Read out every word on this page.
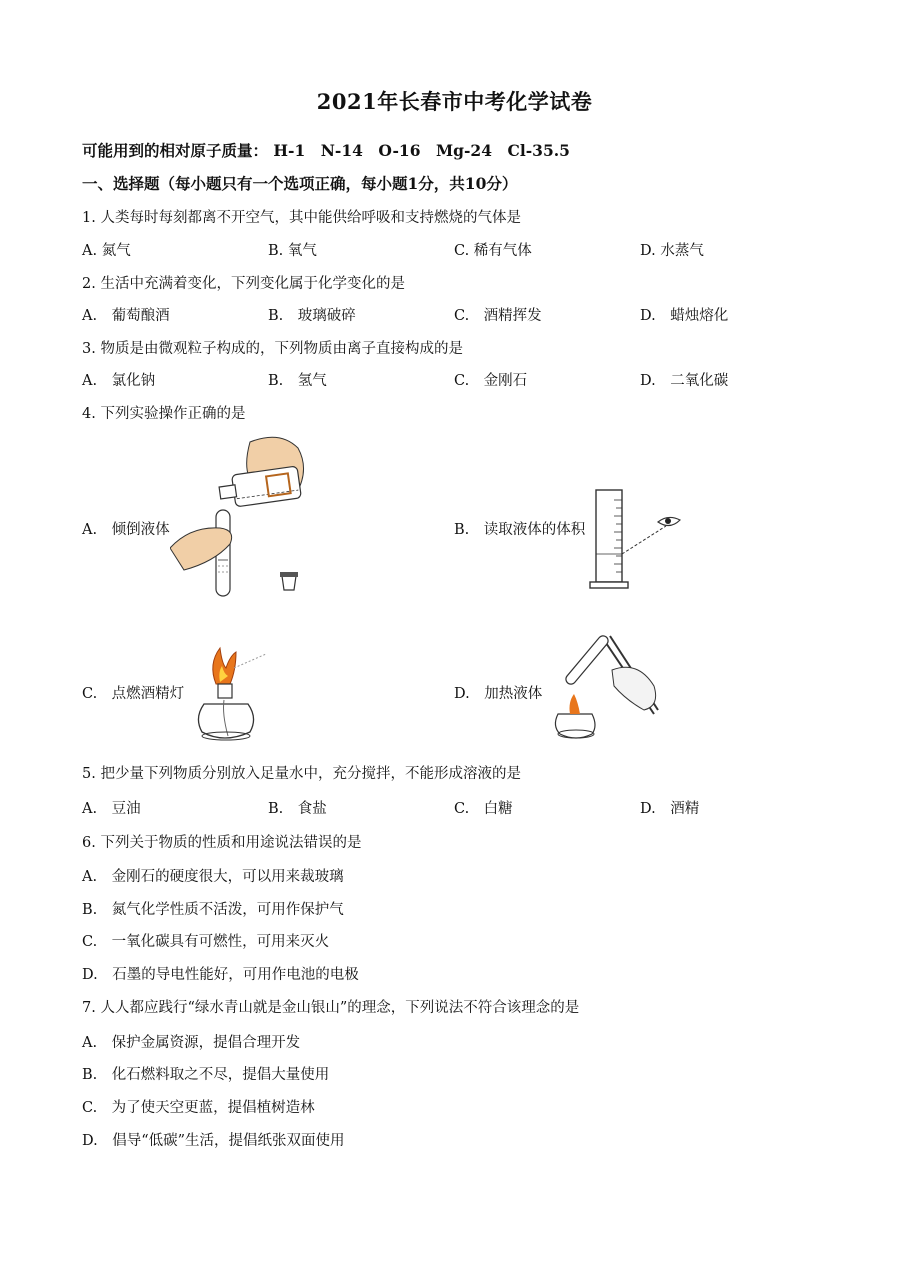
2021年长春市中考化学试卷
可能用到的相对原子质量： H-1　N-14　O-16　Mg-24　Cl-35.5
一、选择题（每小题只有一个选项正确，每小题1分，共10分）
1. 人类每时每刻都离不开空气，其中能供给呼吸和支持燃烧的气体是
A. 氮气	B. 氧气	C. 稀有气体	D. 水蒸气
2. 生活中充满着变化，下列变化属于化学变化的是
A.　葡萄酿酒	B.　玻璃破碎	C.　酒精挥发	D.　蜡烛熔化
3. 物质是由微观粒子构成的，下列物质由离子直接构成的是
A.　氯化钠	B.　氢气	C.　金刚石	D.　二氧化碳
4. 下列实验操作正确的是
A.　倾倒液体	B.　读取液体的体积
C.　点燃酒精灯	D.　加热液体
5. 把少量下列物质分别放入足量水中，充分搅拌，不能形成溶液的是
A.　豆油	B.　食盐	C.　白糖	D.　酒精
6. 下列关于物质的性质和用途说法错误的是
A.　金刚石的硬度很大，可以用来裁玻璃
B.　氮气化学性质不活泼，可用作保护气
C.　一氧化碳具有可燃性，可用来灭火
D.　石墨的导电性能好，可用作电池的电极
7. 人人都应践行“绿水青山就是金山银山”的理念，下列说法不符合该理念的是
A.　保护金属资源，提倡合理开发
B.　化石燃料取之不尽，提倡大量使用
C.　为了使天空更蓝，提倡植树造林
D.　倡导“低碳”生活，提倡纸张双面使用
